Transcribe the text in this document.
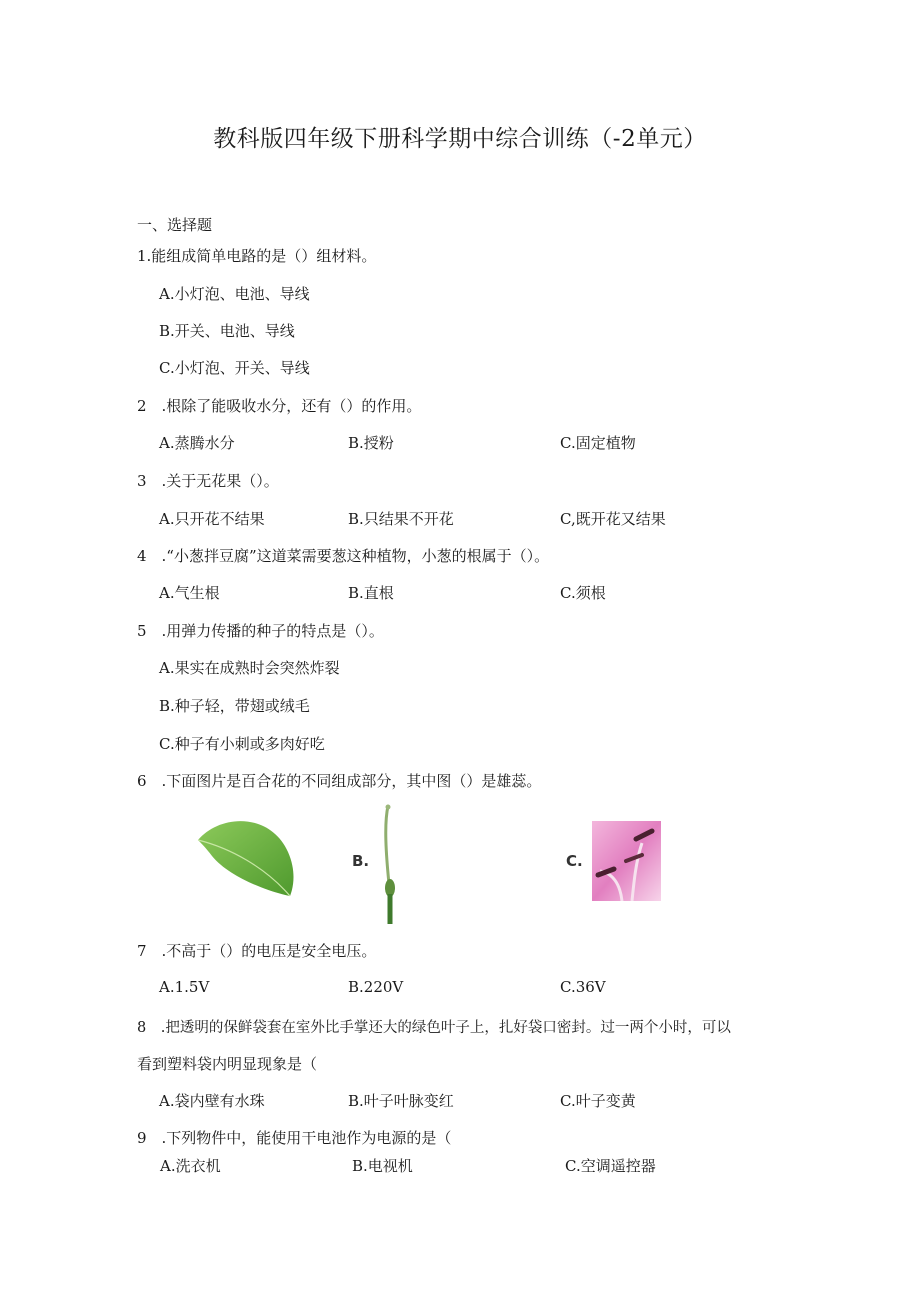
教科版四年级下册科学期中综合训练（-2单元）
一、选择题
1.能组成简单电路的是（）组材料。
A.小灯泡、电池、导线
B.开关、电池、导线
C.小灯泡、开关、导线
2　.根除了能吸收水分，还有（）的作用。
A.蒸腾水分	B.授粉	C.固定植物
3　.关于无花果（）。
A.只开花不结果	B.只结果不开花	C,既开花又结果
4　.“小葱拌豆腐”这道菜需要葱这种植物，小葱的根属于（）。
A.气生根	B.直根	C.须根
5　.用弹力传播的种子的特点是（）。
A.果实在成熟时会突然炸裂
B.种子轻，带翅或绒毛
C.种子有小刺或多肉好吃
6　.下面图片是百合花的不同组成部分，其中图（）是雄蕊。
B.	C.
7　.不高于（）的电压是安全电压。
A.1.5V	B.220V	C.36V
8　.把透明的保鲜袋套在室外比手掌还大的绿色叶子上，扎好袋口密封。过一两个小时，可以
看到塑料袋内明显现象是（
A.袋内壁有水珠	B.叶子叶脉变红	C.叶子变黄
9　.下列物件中，能使用干电池作为电源的是（
A.洗衣机	B.电视机	C.空调遥控器
